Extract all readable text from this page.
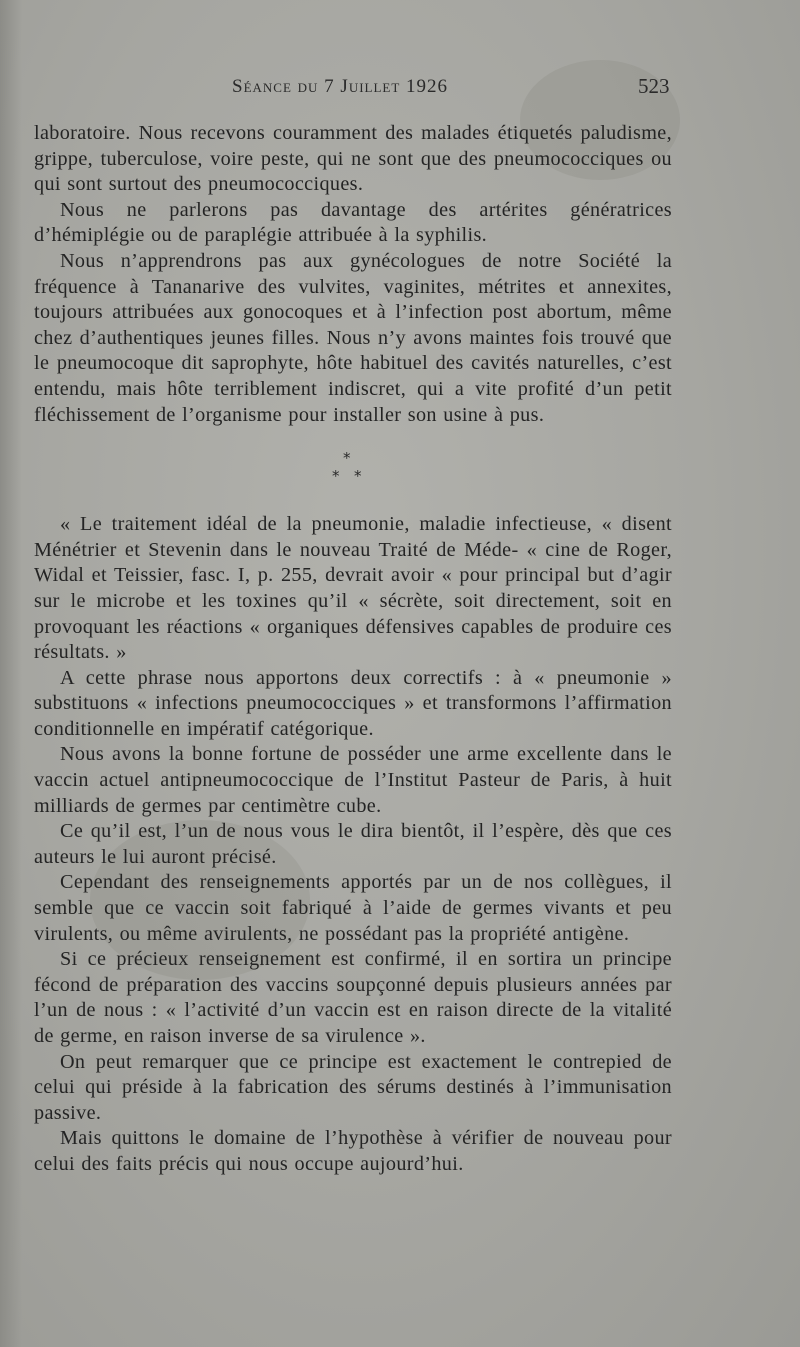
Séance du 7 Juillet 1926	523

laboratoire. Nous recevons couramment des malades étiquetés paludisme, grippe, tuberculose, voire peste, qui ne sont que des pneumococciques ou qui sont surtout des pneumococciques.

Nous ne parlerons pas davantage des artérites génératrices d’hémiplégie ou de paraplégie attribuée à la syphilis.

Nous n’apprendrons pas aux gynécologues de notre Société la fréquence à Tananarive des vulvites, vaginites, métrites et annexites, toujours attribuées aux gonocoques et à l’infection post abortum, même chez d’authentiques jeunes filles. Nous n’y avons maintes fois trouvé que le pneumocoque dit saprophyte, hôte habituel des cavités naturelles, c’est entendu, mais hôte terriblement indiscret, qui a vite profité d’un petit fléchissement de l’organisme pour installer son usine à pus.

*
* *

« Le traitement idéal de la pneumonie, maladie infectieuse, « disent Ménétrier et Stevenin dans le nouveau Traité de Méde- « cine de Roger, Widal et Teissier, fasc. I, p. 255, devrait avoir « pour principal but d’agir sur le microbe et les toxines qu’il « sécrète, soit directement, soit en provoquant les réactions « organiques défensives capables de produire ces résultats. »

A cette phrase nous apportons deux correctifs : à « pneumonie » substituons « infections pneumococciques » et transformons l’affirmation conditionnelle en impératif catégorique.

Nous avons la bonne fortune de posséder une arme excellente dans le vaccin actuel antipneumococcique de l’Institut Pasteur de Paris, à huit milliards de germes par centimètre cube.

Ce qu’il est, l’un de nous vous le dira bientôt, il l’espère, dès que ces auteurs le lui auront précisé.

Cependant des renseignements apportés par un de nos collègues, il semble que ce vaccin soit fabriqué à l’aide de germes vivants et peu virulents, ou même avirulents, ne possédant pas la propriété antigène.

Si ce précieux renseignement est confirmé, il en sortira un principe fécond de préparation des vaccins soupçonné depuis plusieurs années par l’un de nous : « l’activité d’un vaccin est en raison directe de la vitalité de germe, en raison inverse de sa virulence ».

On peut remarquer que ce principe est exactement le contrepied de celui qui préside à la fabrication des sérums destinés à l’immunisation passive.

Mais quittons le domaine de l’hypothèse à vérifier de nouveau pour celui des faits précis qui nous occupe aujourd’hui.
